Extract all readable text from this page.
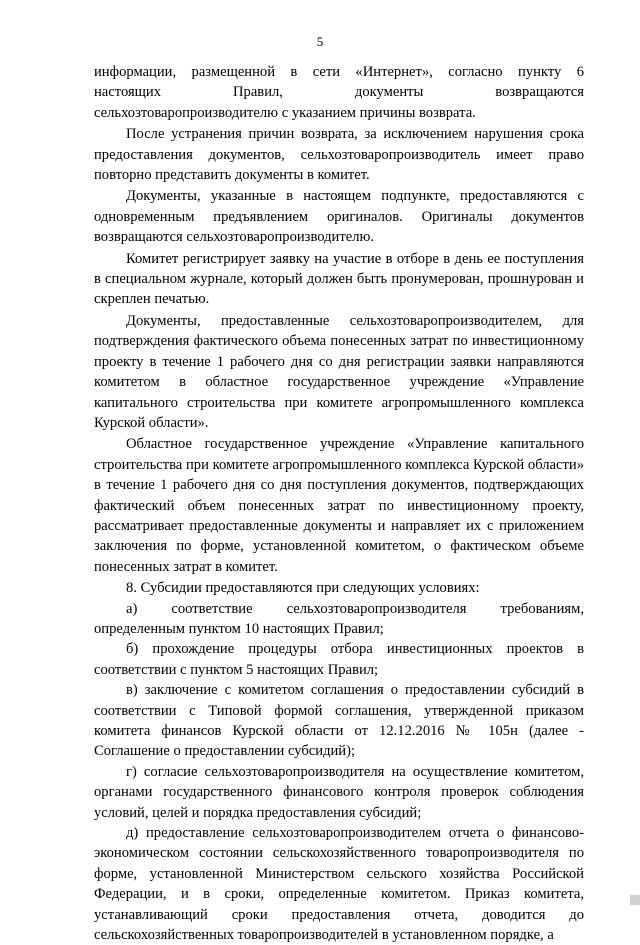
5

информации, размещенной в сети «Интернет», согласно пункту 6
настоящих Правил, документы возвращаются
сельхозтоваропроизводителю с указанием причины возврата.

После устранения причин возврата, за исключением нарушения срока предоставления документов, сельхозтоваропроизводитель имеет право повторно представить документы в комитет.

Документы, указанные в настоящем подпункте, предоставляются с одновременным предъявлением оригиналов. Оригиналы документов возвращаются сельхозтоваропроизводителю.

Комитет регистрирует заявку на участие в отборе в день ее поступления в специальном журнале, который должен быть пронумерован, прошнурован и скреплен печатью.

Документы, предоставленные сельхозтоваропроизводителем, для подтверждения фактического объема понесенных затрат по инвестиционному проекту в течение 1 рабочего дня со дня регистрации заявки направляются комитетом в областное государственное учреждение «Управление капитального строительства при комитете агропромышленного комплекса Курской области».

Областное государственное учреждение «Управление капитального строительства при комитете агропромышленного комплекса Курской области» в течение 1 рабочего дня со дня поступления документов, подтверждающих фактический объем понесенных затрат по инвестиционному проекту, рассматривает предоставленные документы и направляет их с приложением заключения по форме, установленной комитетом, о фактическом объеме понесенных затрат в комитет.

8. Субсидии предоставляются при следующих условиях:

а) соответствие сельхозтоваропроизводителя требованиям, определенным пунктом 10 настоящих Правил;

б) прохождение процедуры отбора инвестиционных проектов в соответствии с пунктом 5 настоящих Правил;

в) заключение с комитетом соглашения о предоставлении субсидий в соответствии с Типовой формой соглашения, утвержденной приказом комитета финансов Курской области от 12.12.2016 № 105н (далее - Соглашение о предоставлении субсидий);

г) согласие сельхозтоваропроизводителя на осуществление комитетом, органами государственного финансового контроля проверок соблюдения условий, целей и порядка предоставления субсидий;

д) предоставление сельхозтоваропроизводителем отчета о финансово-экономическом состоянии сельскохозяйственного товаропроизводителя по форме, установленной Министерством сельского хозяйства Российской Федерации, и в сроки, определенные комитетом. Приказ комитета, устанавливающий сроки предоставления отчета, доводится до сельскохозяйственных товаропроизводителей в установленном порядке, а
